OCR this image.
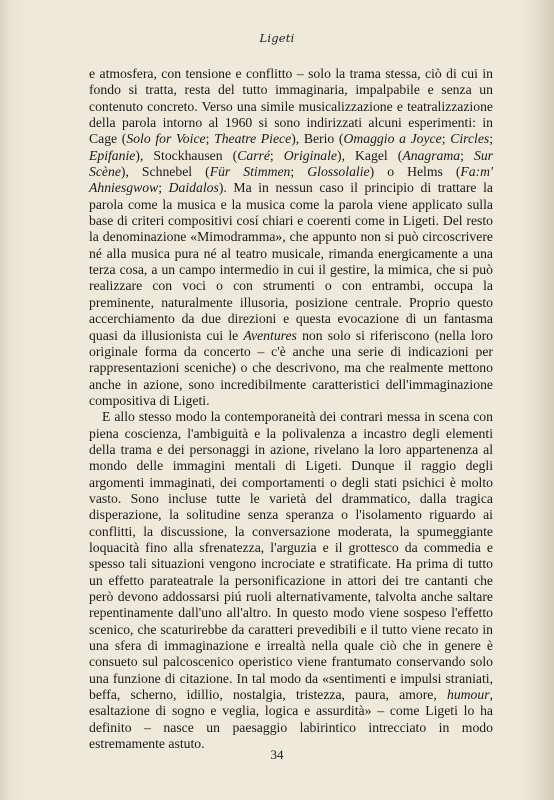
Ligeti

e atmosfera, con tensione e conflitto – solo la trama stessa, ciò di cui in fondo si tratta, resta del tutto immaginaria, impalpabile e senza un contenuto concreto. Verso una simile musicalizzazione e teatralizzazione della parola intorno al 1960 si sono indirizzati alcuni esperimenti: in Cage (Solo for Voice; Theatre Piece), Berio (Omaggio a Joyce; Circles; Epifanie), Stockhausen (Carré; Originale), Kagel (Anagrama; Sur Scène), Schnebel (Für Stimmen; Glossolalie) o Helms (Fa:m' Ahniesgwow; Daidalos). Ma in nessun caso il principio di trattare la parola come la musica e la musica come la parola viene applicato sulla base di criteri compositivi cosí chiari e coerenti come in Ligeti. Del resto la denominazione «Mimodramma», che appunto non si può circoscrivere né alla musica pura né al teatro musicale, rimanda energicamente a una terza cosa, a un campo intermedio in cui il gestire, la mimica, che si può realizzare con voci o con strumenti o con entrambi, occupa la preminente, naturalmente illusoria, posizione centrale. Proprio questo accerchiamento da due direzioni e questa evocazione di un fantasma quasi da illusionista cui le Aventures non solo si riferiscono (nella loro originale forma da concerto – c'è anche una serie di indicazioni per rappresentazioni sceniche) o che descrivono, ma che realmente mettono anche in azione, sono incredibilmente caratteristici dell'immaginazione compositiva di Ligeti.

E allo stesso modo la contemporaneità dei contrari messa in scena con piena coscienza, l'ambiguità e la polivalenza a incastro degli elementi della trama e dei personaggi in azione, rivelano la loro appartenenza al mondo delle immagini mentali di Ligeti. Dunque il raggio degli argomenti immaginati, dei comportamenti o degli stati psichici è molto vasto. Sono incluse tutte le varietà del drammatico, dalla tragica disperazione, la solitudine senza speranza o l'isolamento riguardo ai conflitti, la discussione, la conversazione moderata, la spumeggiante loquacità fino alla sfrenatezza, l'arguzia e il grottesco da commedia e spesso tali situazioni vengono incrociate e stratificate. Ha prima di tutto un effetto parateatrale la personificazione in attori dei tre cantanti che però devono addossarsi piú ruoli alternativamente, talvolta anche saltare repentinamente dall'uno all'altro. In questo modo viene sospeso l'effetto scenico, che scaturirebbe da caratteri prevedibili e il tutto viene recato in una sfera di immaginazione e irrealtà nella quale ciò che in genere è consueto sul palcoscenico operistico viene frantumato conservando solo una funzione di citazione. In tal modo da «sentimenti e impulsi straniati, beffa, scherno, idillio, nostalgia, tristezza, paura, amore, humour, esaltazione di sogno e veglia, logica e assurdità» – come Ligeti lo ha definito – nasce un paesaggio labirintico intrecciato in modo estremamente astuto.

34
